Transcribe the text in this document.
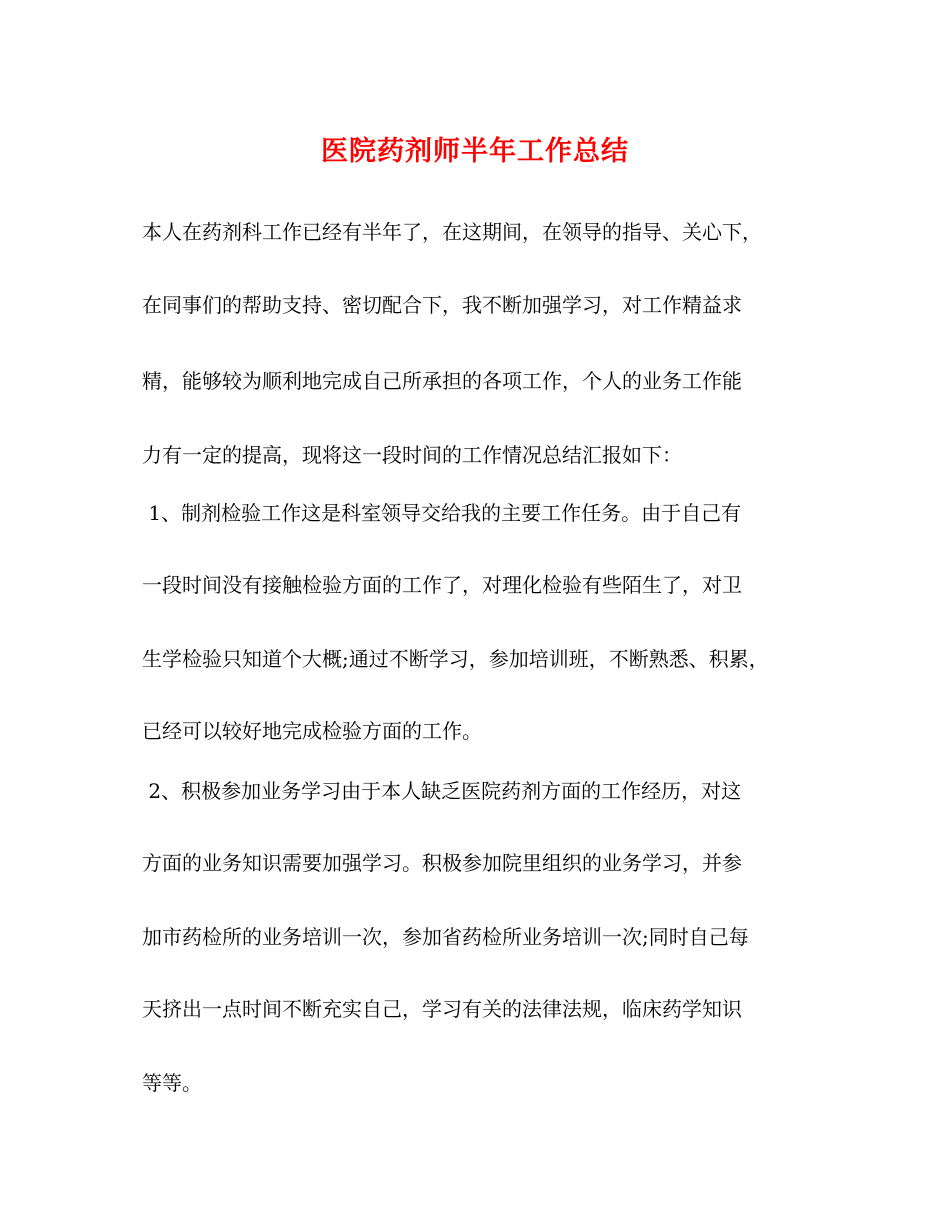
医院药剂师半年工作总结
本人在药剂科工作已经有半年了，在这期间，在领导的指导、关心下，
在同事们的帮助支持、密切配合下，我不断加强学习，对工作精益求
精，能够较为顺利地完成自己所承担的各项工作，个人的业务工作能
力有一定的提高，现将这一段时间的工作情况总结汇报如下：
1、制剂检验工作这是科室领导交给我的主要工作任务。由于自己有
一段时间没有接触检验方面的工作了，对理化检验有些陌生了，对卫
生学检验只知道个大概;通过不断学习，参加培训班，不断熟悉、积累，
已经可以较好地完成检验方面的工作。
2、积极参加业务学习由于本人缺乏医院药剂方面的工作经历，对这
方面的业务知识需要加强学习。积极参加院里组织的业务学习，并参
加市药检所的业务培训一次，参加省药检所业务培训一次;同时自己每
天挤出一点时间不断充实自己，学习有关的法律法规，临床药学知识
等等。
